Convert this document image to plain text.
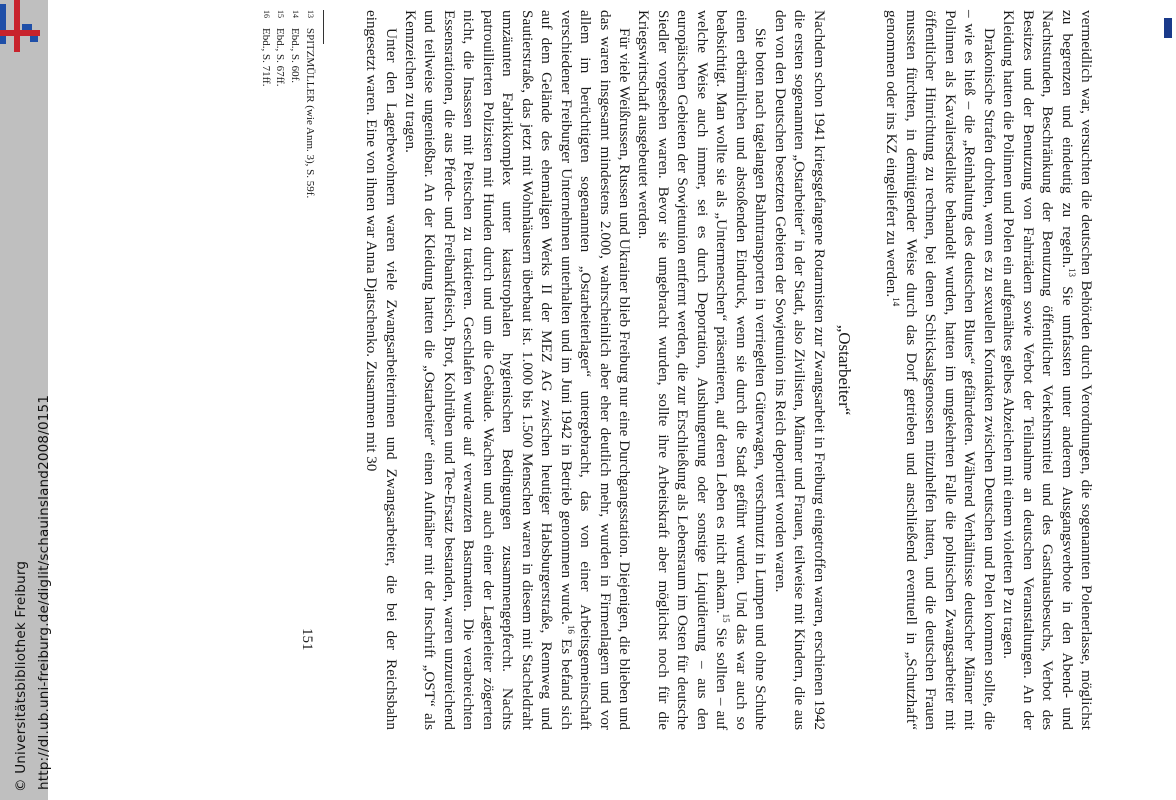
http://dl.ub.uni-freiburg.de/diglit/schauinsland2008/0151
© Universitätsbibliothek Freiburg	vermeidlich war, versuchten die deutschen Behörden durch Verordnungen, die sogenannten Polenerlasse, möglichst zu begrenzen und eindeutig zu regeln.$^{13}$ Sie umfassten unter anderem Ausgangsverbote in den Abend- und Nachtstunden, Beschränkung der Benutzung öffentlicher Verkehrsmittel und des Gasthausbesuchs, Verbot des Besitzes und der Benutzung von Fahrrädern sowie Verbot der Teilnahme an deutschen Veranstaltungen. An der Kleidung hatten die Polinnen und Polen ein aufgenähtes gelbes Abzeichen mit einem violetten P zu tragen.

Drakonische Strafen drohten, wenn es zu sexuellen Kontakten zwischen Deutschen und Polen kommen sollte, die – wie es hieß – die „Reinhaltung des deutschen Blutes“ gefährdeten. Während Verhältnisse deutscher Männer mit Polinnen als Kavaliersdelikte behandelt wurden, hatten im umgekehrten Falle die polnischen Zwangsarbeiter mit öffentlicher Hinrichtung zu rechnen, bei denen Schicksalsgenossen mitzuhelfen hatten, und die deutschen Frauen mussten fürchten, in demütigender Weise durch das Dorf getrieben und anschließend eventuell in „Schutzhaft“ genommen oder ins KZ eingeliefert zu werden.$^{14}$

„Ostarbeiter“

Nachdem schon 1941 kriegsgefangene Rotarmisten zur Zwangsarbeit in Freiburg eingetroffen waren, erschienen 1942 die ersten sogenannten „Ostarbeiter“ in der Stadt, also Zivilisten, Männer und Frauen, teilweise mit Kindern, die aus den von den Deutschen besetzten Gebieten der Sowjetunion ins Reich deportiert worden waren.

Sie boten nach tagelangen Bahntransporten in verriegelten Güterwagen, verschmutzt in Lumpen und ohne Schuhe einen erbärmlichen und abstoßenden Eindruck, wenn sie durch die Stadt geführt wurden. Und das war auch so beabsichtigt. Man wollte sie als „Untermenschen“ präsentieren, auf deren Leben es nicht ankam.$^{15}$ Sie sollten – auf welche Weise auch immer, sei es durch Deportation, Aushungerung oder sonstige Liquidierung – aus den europäischen Gebieten der Sowjetunion entfernt werden, die zur Erschließung als Lebensraum im Osten für deutsche Siedler vorgesehen waren. Bevor sie umgebracht wurden, sollte ihre Arbeitskraft aber möglichst noch für die Kriegswirtschaft ausgebeutet werden.

Für viele Weißrussen, Russen und Ukrainer blieb Freiburg nur eine Durchgangsstation. Diejenigen, die blieben und das waren insgesamt mindestens 2.000, wahrscheinlich aber eher deutlich mehr, wurden in Firmenlagern und vor allem im berüchtigten sogenannten „Ostarbeiterlager“ untergebracht, das von einer Arbeitsgemeinschaft verschiedener Freiburger Unternehmen unterhalten und im Juni 1942 in Betrieb genommen wurde.$^{16}$ Es befand sich auf dem Gelände des ehemaligen Werks II der MEZ AG zwischen heutiger Habsburgerstraße, Rennweg und Sautierstraße, das jetzt mit Wohnhäusern überbaut ist. 1.000 bis 1.500 Menschen waren in diesem mit Stacheldraht umzäunten Fabrikkomplex unter katastrophalen hygienischen Bedingungen zusammengepfercht. Nachts patrouillierten Polizisten mit Hunden durch und um die Gebäude. Wachen und auch einer der Lagerleiter zögerten nicht, die Insassen mit Peitschen zu traktieren. Geschlafen wurde auf verwanzten Bastmatten. Die verabreichten Essensrationen, die aus Pferde- und Freibankfleisch, Brot, Kohlrüben und Tee-Ersatz bestanden, waren unzureichend und teilweise ungenießbar. An der Kleidung hatten die „Ostarbeiter“ einen Aufnäher mit der Inschrift „OST“ als Kennzeichen zu tragen.

Unter den Lagerbewohnern waren viele Zwangsarbeiterinnen und Zwangsarbeiter, die bei der Reichsbahn eingesetzt waren. Eine von ihnen war Anna Djatschenko. Zusammen mit 30

13SPITZMÜLLER (wie Anm. 3), S. 59f.
14Ebd., S. 60f.
15Ebd., S. 67ff.
16Ebd., S. 71ff.
151
